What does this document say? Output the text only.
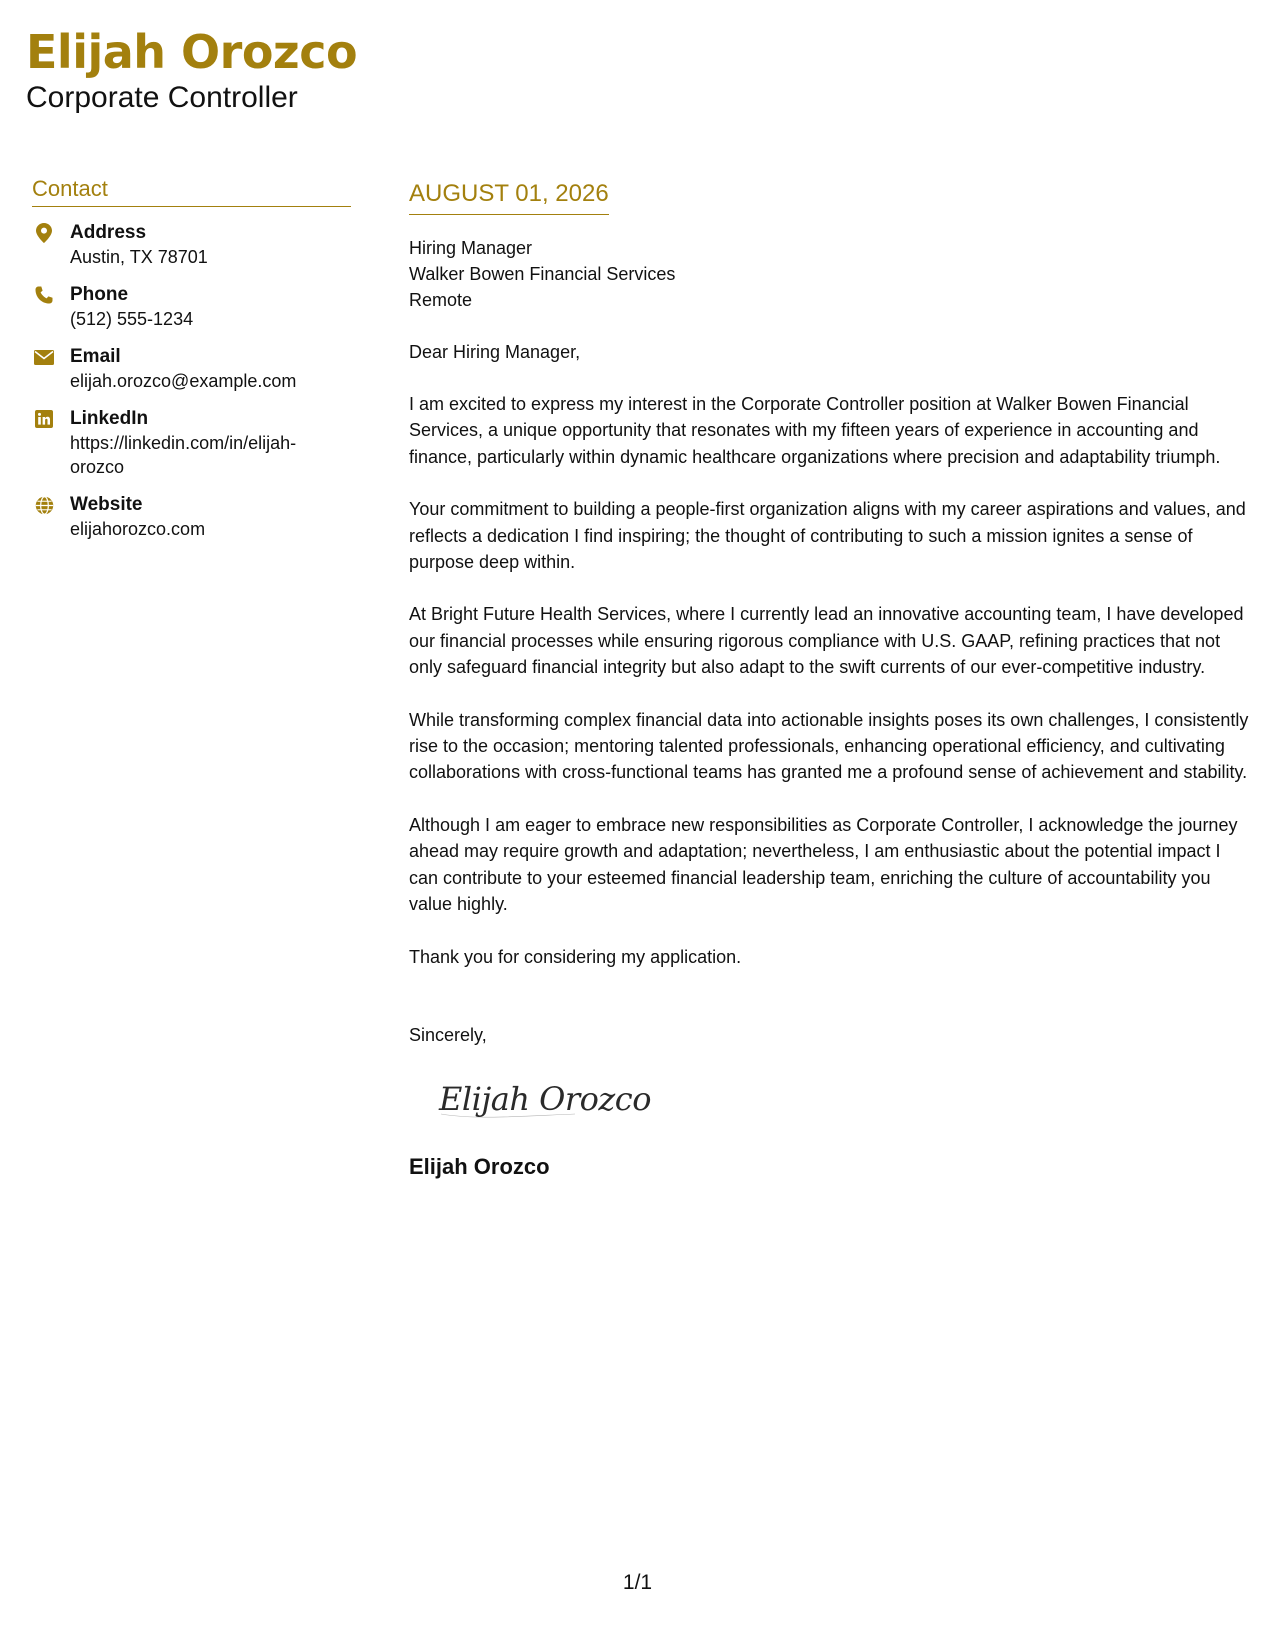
Elijah Orozco
Corporate Controller
Contact
Address
Austin, TX 78701
Phone
(512) 555-1234
Email
elijah.orozco@example.com
LinkedIn
https://linkedin.com/in/elijah-orozco
Website
elijahorozco.com
AUGUST 01, 2026
Hiring Manager
Walker Bowen Financial Services
Remote
Dear Hiring Manager,
I am excited to express my interest in the Corporate Controller position at Walker Bowen Financial Services, a unique opportunity that resonates with my fifteen years of experience in accounting and finance, particularly within dynamic healthcare organizations where precision and adaptability triumph.
Your commitment to building a people-first organization aligns with my career aspirations and values, and reflects a dedication I find inspiring; the thought of contributing to such a mission ignites a sense of purpose deep within.
At Bright Future Health Services, where I currently lead an innovative accounting team, I have developed our financial processes while ensuring rigorous compliance with U.S. GAAP, refining practices that not only safeguard financial integrity but also adapt to the swift currents of our ever-competitive industry.
While transforming complex financial data into actionable insights poses its own challenges, I consistently rise to the occasion; mentoring talented professionals, enhancing operational efficiency, and cultivating collaborations with cross-functional teams has granted me a profound sense of achievement and stability.
Although I am eager to embrace new responsibilities as Corporate Controller, I acknowledge the journey ahead may require growth and adaptation; nevertheless, I am enthusiastic about the potential impact I can contribute to your esteemed financial leadership team, enriching the culture of accountability you value highly.
Thank you for considering my application.
Sincerely,
Elijah Orozco
Elijah Orozco
1/1
